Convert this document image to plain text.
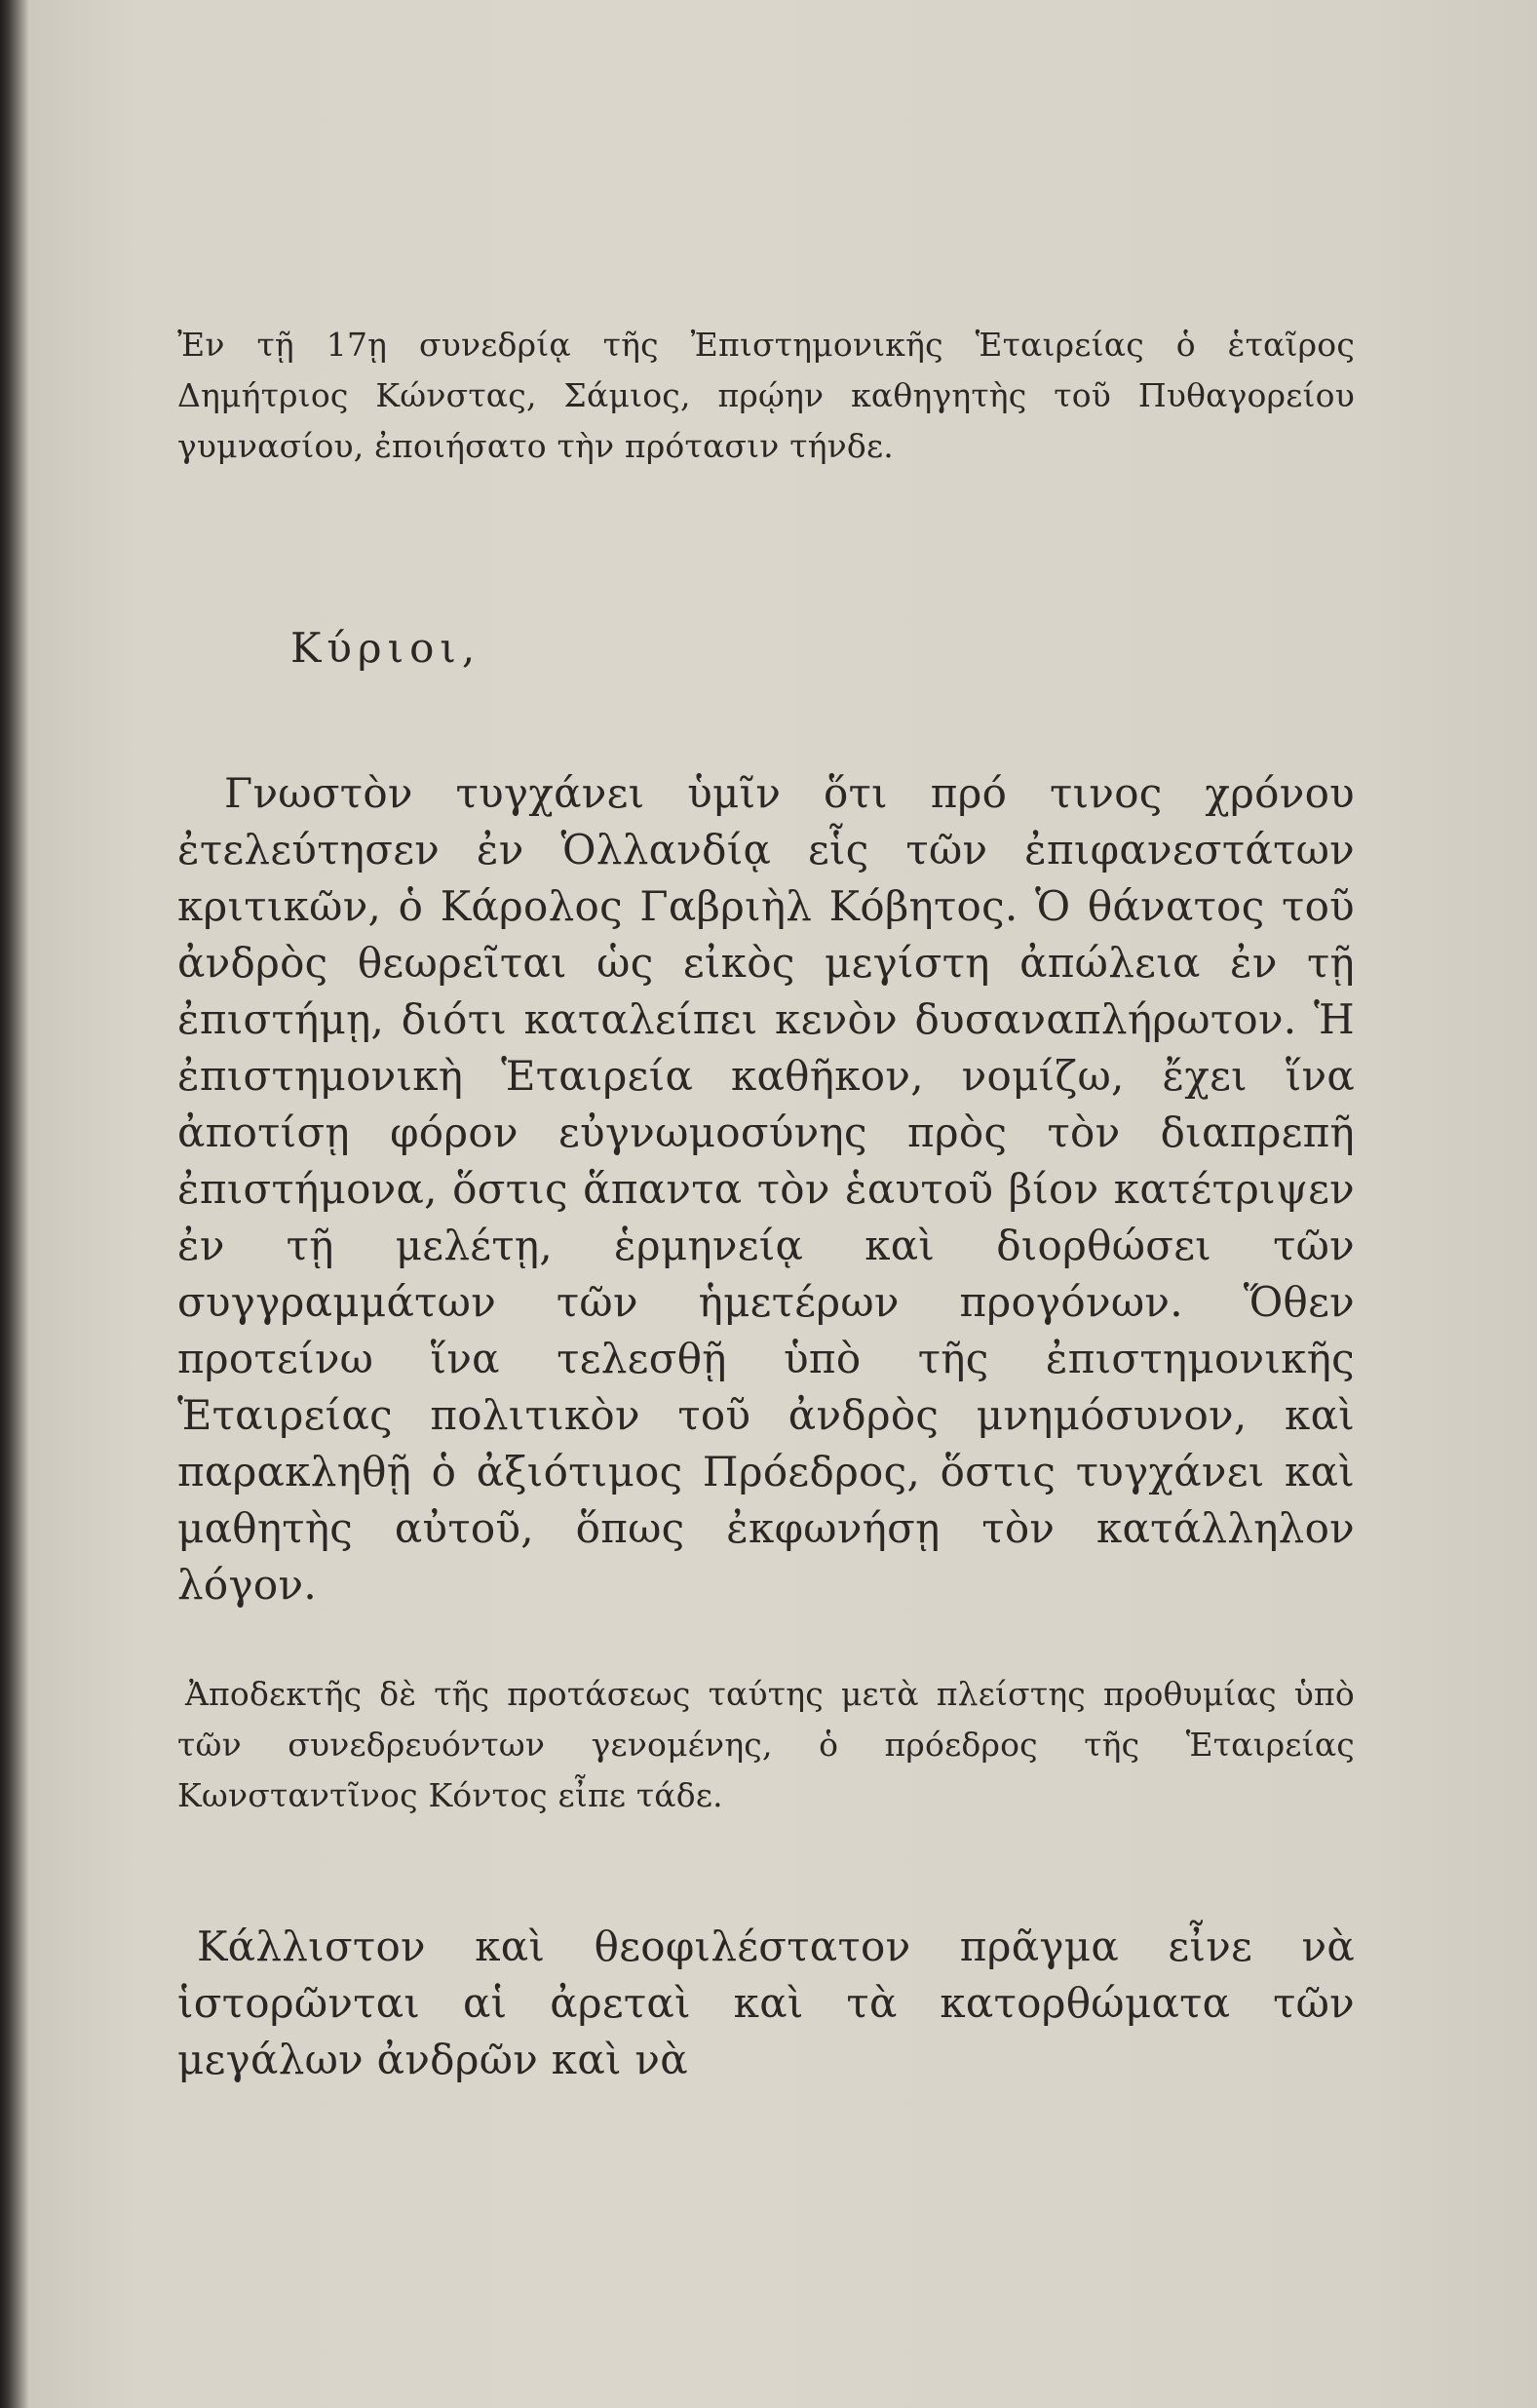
Ἐν τῇ 17ῃ συνεδρίᾳ τῆς Ἐπιστημονικῆς Ἑταιρείας ὁ ἑταῖρος Δημήτριος Κώνστας, Σάμιος, πρῴην καθηγητὴς τοῦ Πυθαγορείου γυμνασίου, ἐποιήσατο τὴν πρότασιν τήνδε.

Κύριοι,

Γνωστὸν τυγχάνει ὑμῖν ὅτι πρό τινος χρόνου ἐτελεύτησεν ἐν Ὁλλανδίᾳ εἷς τῶν ἐπιφανεστάτων κριτικῶν, ὁ Κάρολος Γαβριὴλ Κόβητος. Ὁ θάνατος τοῦ ἀνδρὸς θεωρεῖται ὡς εἰκὸς μεγίστη ἀπώλεια ἐν τῇ ἐπιστήμῃ, διότι καταλείπει κενὸν δυσαναπλήρωτον. Ἡ ἐπιστημονικὴ Ἑταιρεία καθῆκον, νομίζω, ἔχει ἵνα ἀποτίσῃ φόρον εὐγνωμοσύνης πρὸς τὸν διαπρεπῆ ἐπιστήμονα, ὅστις ἅπαντα τὸν ἑαυτοῦ βίον κατέτριψεν ἐν τῇ μελέτῃ, ἑρμηνείᾳ καὶ διορθώσει τῶν συγγραμμάτων τῶν ἡμετέρων προγόνων. Ὅθεν προτείνω ἵνα τελεσθῇ ὑπὸ τῆς ἐπιστημονικῆς Ἑταιρείας πολιτικὸν τοῦ ἀνδρὸς μνημόσυνον, καὶ παρακληθῇ ὁ ἀξιότιμος Πρόεδρος, ὅστις τυγχάνει καὶ μαθητὴς αὐτοῦ, ὅπως ἐκφωνήσῃ τὸν κατάλληλον λόγον.

Ἀποδεκτῆς δὲ τῆς προτάσεως ταύτης μετὰ πλείστης προθυμίας ὑπὸ τῶν συνεδρευόντων γενομένης, ὁ πρόεδρος τῆς Ἑταιρείας Κωνσταντῖνος Κόντος εἶπε τάδε.

Κάλλιστον καὶ θεοφιλέστατον πρᾶγμα εἶνε νὰ ἱστορῶνται αἱ ἀρεταὶ καὶ τὰ κατορθώματα τῶν μεγάλων ἀνδρῶν καὶ νὰ
